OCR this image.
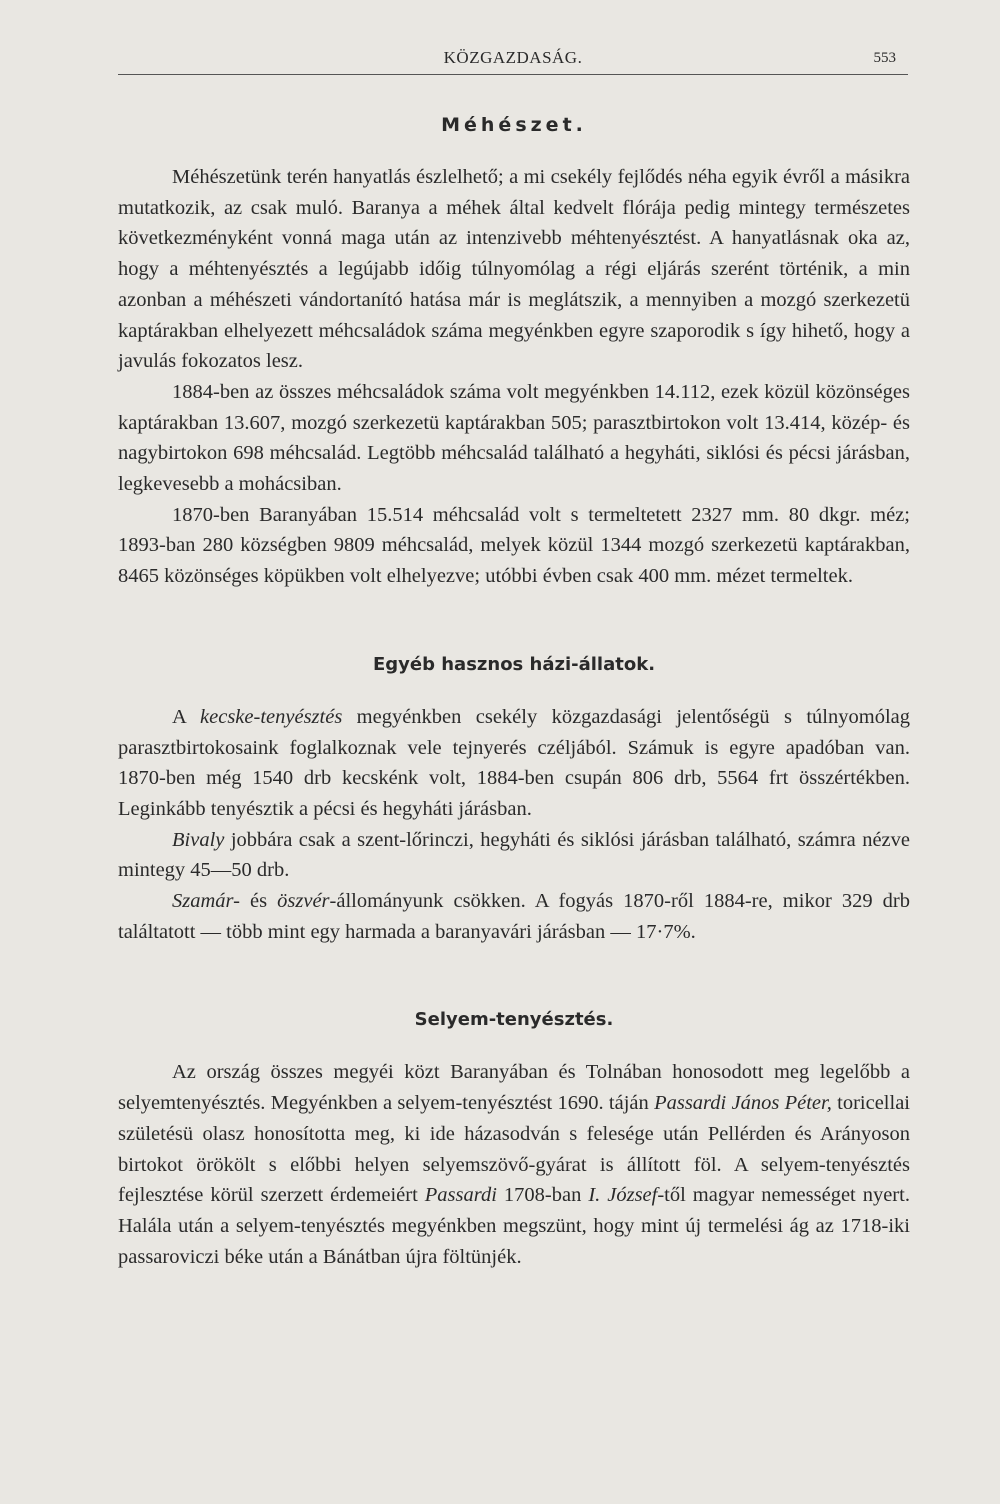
KÖZGAZDASÁG.	553
Méhészet.

Méhészetünk terén hanyatlás észlelhető; a mi csekély fejlődés néha egyik évről a másikra mutatkozik, az csak muló. Baranya a méhek által kedvelt flórája pedig mintegy természetes következményként vonná maga után az intenzivebb méhtenyésztést. A hanyatlásnak oka az, hogy a méhtenyésztés a legújabb időig túlnyomólag a régi eljárás szerént történik, a min azonban a méhészeti vándortanító hatása már is meglátszik, a mennyiben a mozgó szerkezetü kaptárakban elhelyezett méhcsaládok száma megyénkben egyre szaporodik s így hihető, hogy a javulás fokozatos lesz.

1884-ben az összes méhcsaládok száma volt megyénkben 14.112, ezek közül közönséges kaptárakban 13.607, mozgó szerkezetü kaptárakban 505; parasztbirtokon volt 13.414, közép- és nagybirtokon 698 méhcsalád. Legtöbb méhcsalád található a hegyháti, siklósi és pécsi járásban, legkevesebb a mohácsiban.

1870-ben Baranyában 15.514 méhcsalád volt s termeltetett 2327 mm. 80 dkgr. méz; 1893-ban 280 községben 9809 méhcsalád, melyek közül 1344 mozgó szerkezetü kaptárakban, 8465 közönséges köpükben volt elhelyezve; utóbbi évben csak 400 mm. mézet termeltek.

Egyéb hasznos házi-állatok.

A kecske-tenyésztés megyénkben csekély közgazdasági jelentőségü s túlnyomólag parasztbirtokosaink foglalkoznak vele tejnyerés czéljából. Számuk is egyre apadóban van. 1870-ben még 1540 drb kecskénk volt, 1884-ben csupán 806 drb, 5564 frt összértékben. Leginkább tenyésztik a pécsi és hegyháti járásban.

Bivaly jobbára csak a szent-lőrinczi, hegyháti és siklósi járásban található, számra nézve mintegy 45—50 drb.

Szamár- és öszvér-állományunk csökken. A fogyás 1870-ről 1884-re, mikor 329 drb találtatott — több mint egy harmada a baranyavári járásban — 17·7%.

Selyem-tenyésztés.

Az ország összes megyéi közt Baranyában és Tolnában honosodott meg legelőbb a selyemtenyésztés. Megyénkben a selyem-tenyésztést 1690. táján Passardi János Péter, toricellai születésü olasz honosította meg, ki ide házasodván s felesége után Pellérden és Arányoson birtokot örökölt s előbbi helyen selyemszövő-gyárat is állított föl. A selyem-tenyésztés fejlesztése körül szerzett érdemeiért Passardi 1708-ban I. József-től magyar nemességet nyert. Halála után a selyem-tenyésztés megyénkben megszünt, hogy mint új termelési ág az 1718-iki passaroviczi béke után a Bánátban újra föltünjék.
